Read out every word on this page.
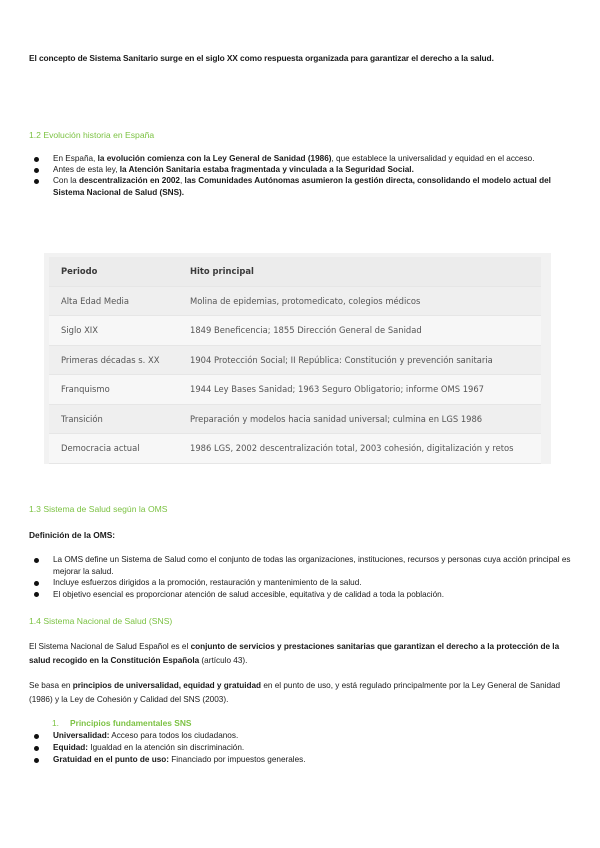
El concepto de Sistema Sanitario surge en el siglo XX como respuesta organizada para garantizar el derecho a la salud.
1.2 Evolución historia en España
En España, la evolución comienza con la Ley General de Sanidad (1986), que establece la universalidad y equidad en el acceso.
Antes de esta ley, la Atención Sanitaria estaba fragmentada y vinculada a la Seguridad Social.
Con la descentralización en 2002, las Comunidades Autónomas asumieron la gestión directa, consolidando el modelo actual del Sistema Nacional de Salud (SNS).
Periodo	Hito principal
Alta Edad Media	Molina de epidemias, protomedicato, colegios médicos
Siglo XIX	1849 Beneficencia; 1855 Dirección General de Sanidad
Primeras décadas s. XX	1904 Protección Social; II República: Constitución y prevención sanitaria
Franquismo	1944 Ley Bases Sanidad; 1963 Seguro Obligatorio; informe OMS 1967
Transición	Preparación y modelos hacia sanidad universal; culmina en LGS 1986
Democracia actual	1986 LGS, 2002 descentralización total, 2003 cohesión, digitalización y retos
1.3 Sistema de Salud según la OMS
Definición de la OMS:
La OMS define un Sistema de Salud como el conjunto de todas las organizaciones, instituciones, recursos y personas cuya acción principal es mejorar la salud.
Incluye esfuerzos dirigidos a la promoción, restauración y mantenimiento de la salud.
El objetivo esencial es proporcionar atención de salud accesible, equitativa y de calidad a toda la población.
1.4 Sistema Nacional de Salud (SNS)
El Sistema Nacional de Salud Español es el conjunto de servicios y prestaciones sanitarias que garantizan el derecho a la protección de la salud recogido en la Constitución Española (artículo 43).
Se basa en principios de universalidad, equidad y gratuidad en el punto de uso, y está regulado principalmente por la Ley General de Sanidad (1986) y la Ley de Cohesión y Calidad del SNS (2003).
1. Principios fundamentales SNS
Universalidad: Acceso para todos los ciudadanos.
Equidad: Igualdad en la atención sin discriminación.
Gratuidad en el punto de uso: Financiado por impuestos generales.
